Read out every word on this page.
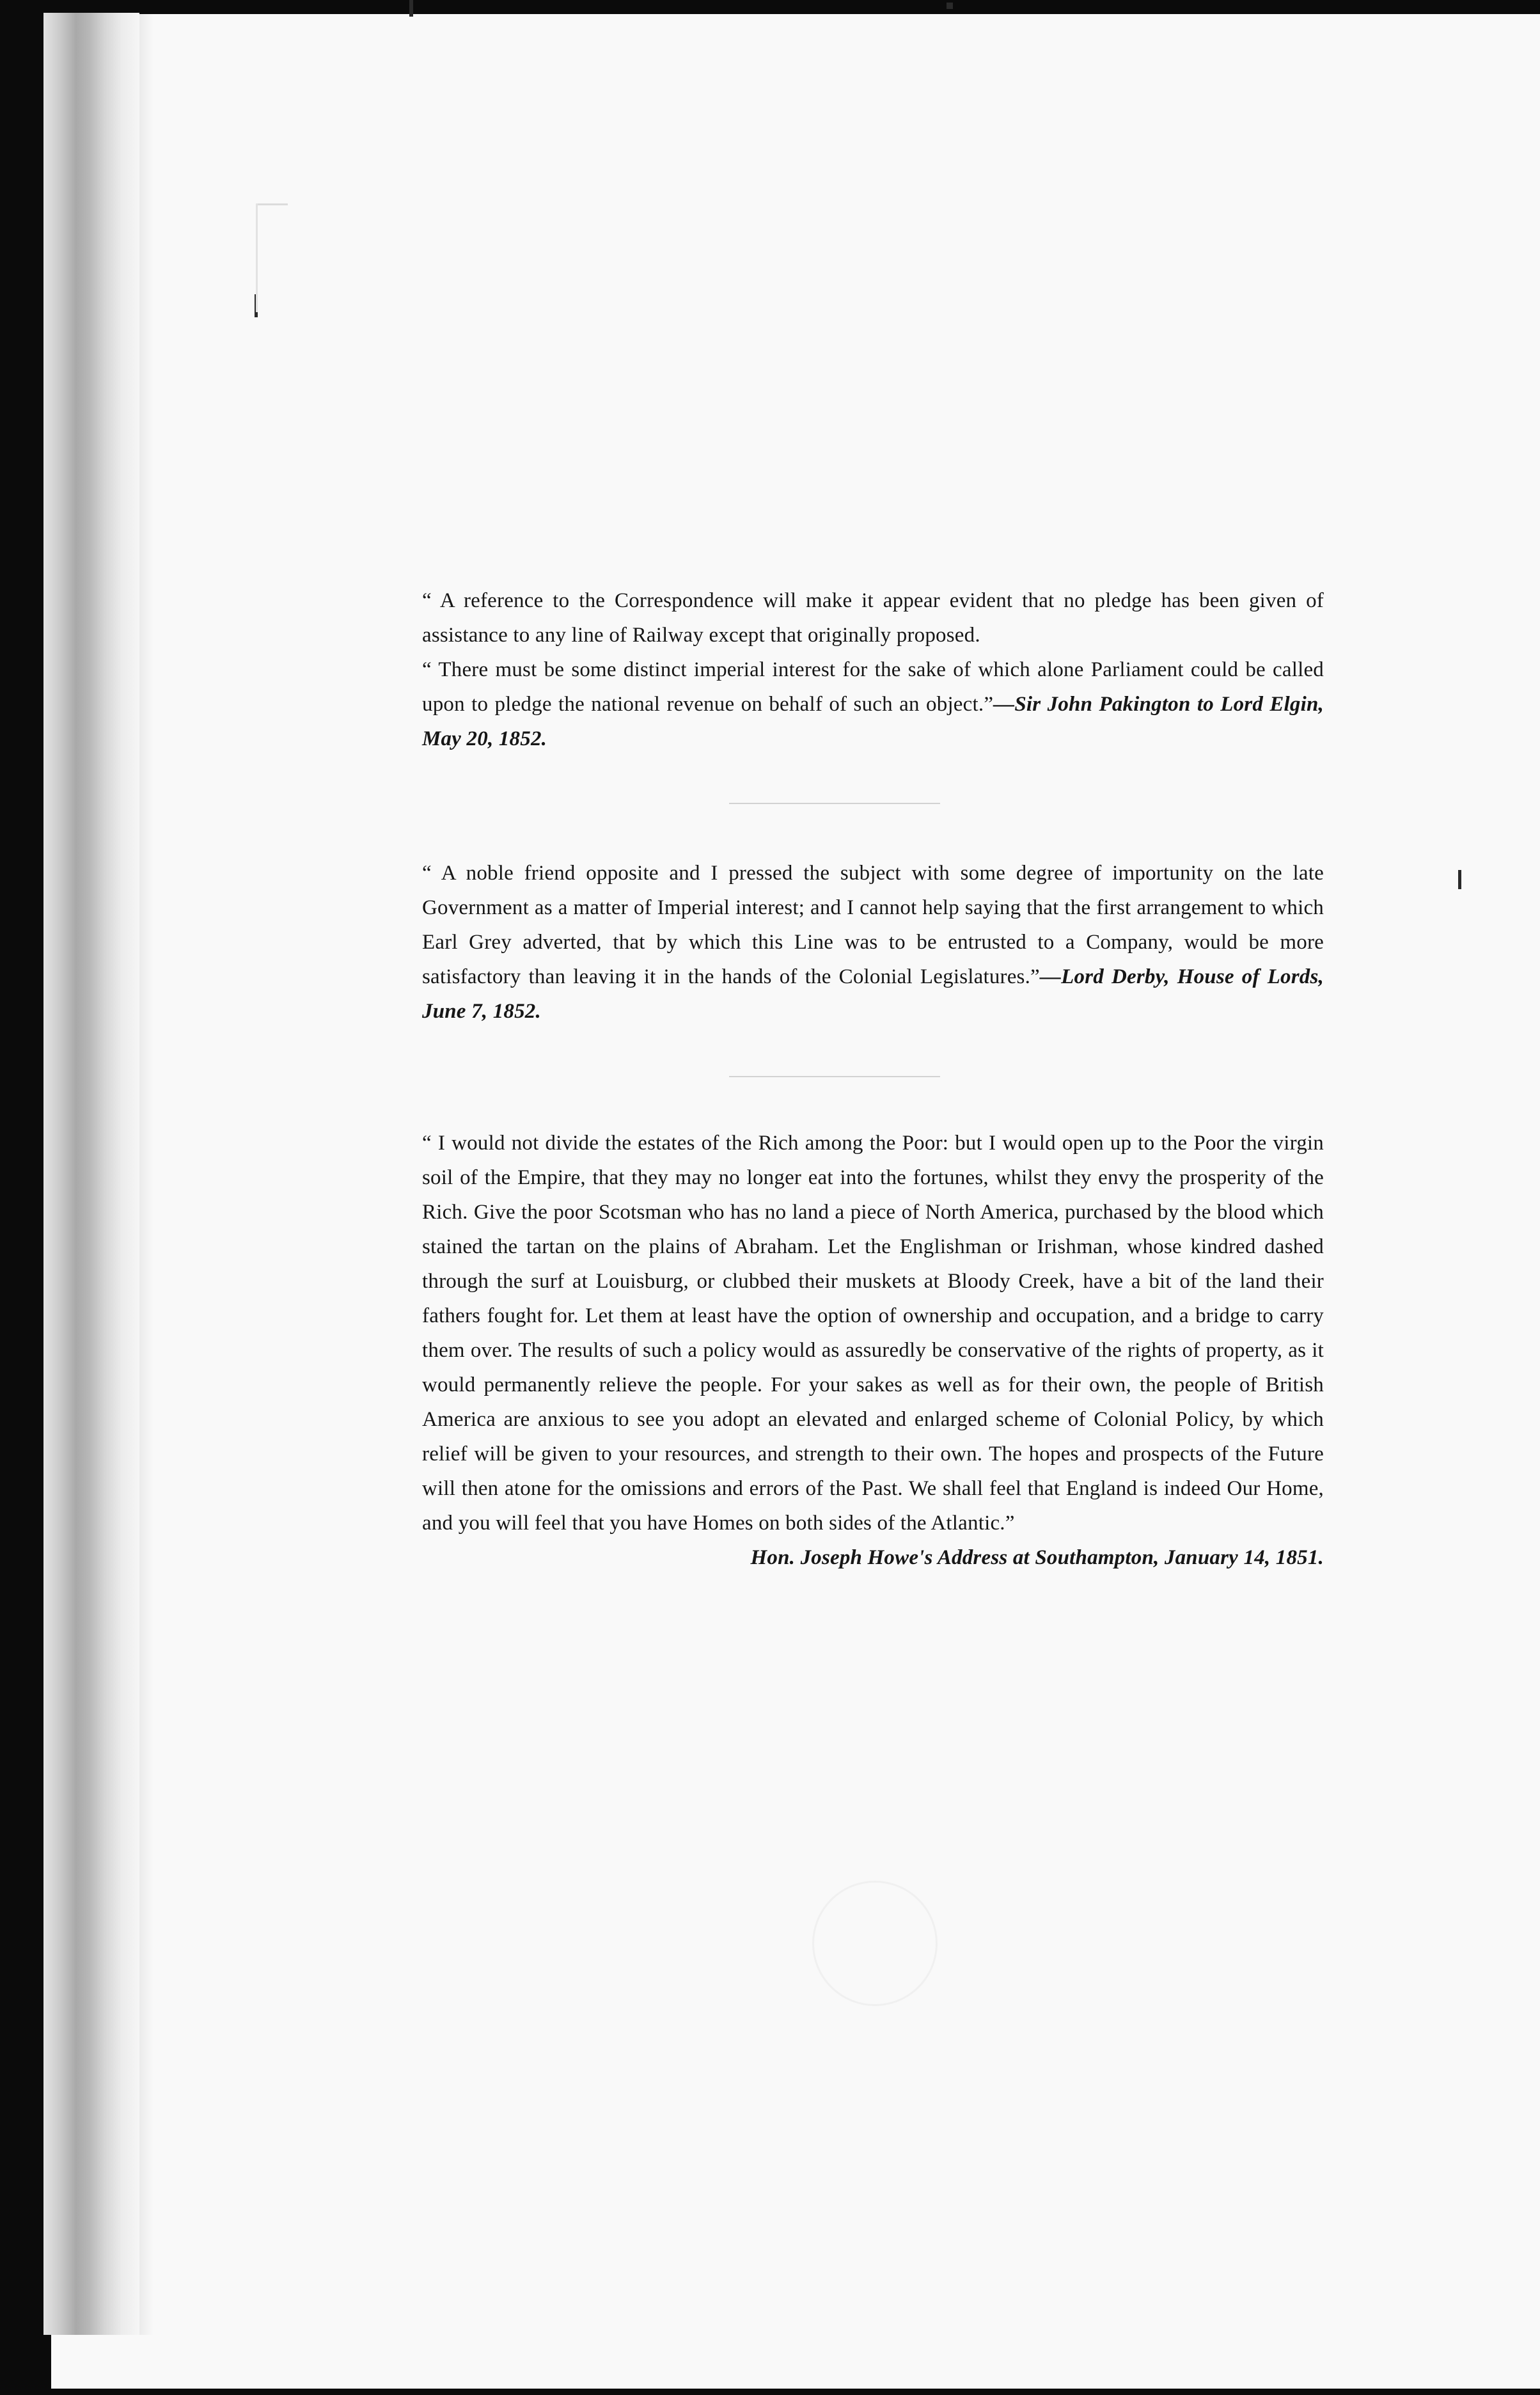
“ A reference to the Correspondence will make it appear evident that no pledge has been given of assistance to any line of Railway except that originally proposed.

“ There must be some distinct imperial interest for the sake of which alone Parliament could be called upon to pledge the national revenue on behalf of such an object.”—Sir John Pakington to Lord Elgin, May 20, 1852.

“ A noble friend opposite and I pressed the subject with some degree of importunity on the late Government as a matter of Imperial interest; and I cannot help saying that the first arrangement to which Earl Grey adverted, that by which this Line was to be entrusted to a Company, would be more satisfactory than leaving it in the hands of the Colonial Legislatures.”—Lord Derby, House of Lords, June 7, 1852.

“ I would not divide the estates of the Rich among the Poor: but I would open up to the Poor the virgin soil of the Empire, that they may no longer eat into the fortunes, whilst they envy the prosperity of the Rich. Give the poor Scotsman who has no land a piece of North America, purchased by the blood which stained the tartan on the plains of Abraham. Let the Englishman or Irishman, whose kindred dashed through the surf at Louisburg, or clubbed their muskets at Bloody Creek, have a bit of the land their fathers fought for. Let them at least have the option of ownership and occupation, and a bridge to carry them over. The results of such a policy would as assuredly be conservative of the rights of property, as it would permanently relieve the people. For your sakes as well as for their own, the people of British America are anxious to see you adopt an elevated and enlarged scheme of Colonial Policy, by which relief will be given to your resources, and strength to their own. The hopes and prospects of the Future will then atone for the omissions and errors of the Past. We shall feel that England is indeed Our Home, and you will feel that you have Homes on both sides of the Atlantic.”

Hon. Joseph Howe's Address at Southampton, January 14, 1851.
